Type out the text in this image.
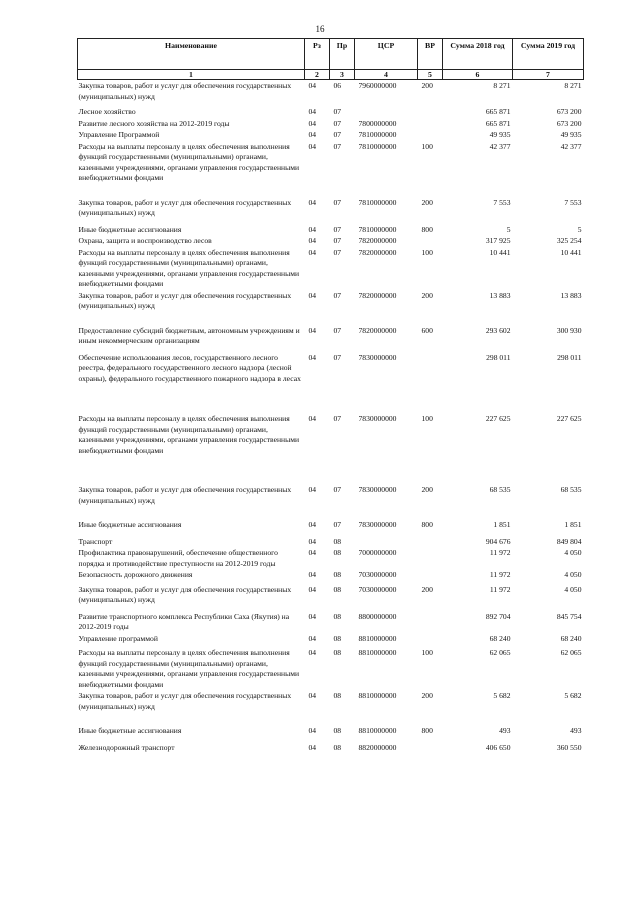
16
Наименование	Рз	Пр	ЦСР	ВР	Сумма 2018 год	Сумма 2019 год
1	2	3	4	5	6	7
Закупка товаров, работ и услуг для обеспечения государственных (муниципальных) нужд	04	06	7960000000	200	8 271	8 271
Лесное хозяйство	04	07			665 871	673 200
Развитие лесного хозяйства на 2012-2019 годы	04	07	7800000000		665 871	673 200
Управление Программой	04	07	7810000000		49 935	49 935
Расходы на выплаты персоналу в целях обеспечения выполнения функций государственными (муниципальными) органами, казенными учреждениями, органами управления государственными внебюджетными фондами	04	07	7810000000	100	42 377	42 377
Закупка товаров, работ и услуг для обеспечения государственных (муниципальных) нужд	04	07	7810000000	200	7 553	7 553
Иные бюджетные ассигнования	04	07	7810000000	800	5	5
Охрана, защита и воспроизводство лесов	04	07	7820000000		317 925	325 254
Расходы на выплаты персоналу в целях обеспечения выполнения функций государственными (муниципальными) органами, казенными учреждениями, органами управления государственными внебюджетными фондами	04	07	7820000000	100	10 441	10 441
Закупка товаров, работ и услуг для обеспечения государственных (муниципальных) нужд	04	07	7820000000	200	13 883	13 883
Предоставление субсидий бюджетным, автономным учреждениям и иным некоммерческим организациям	04	07	7820000000	600	293 602	300 930
Обеспечение использования лесов, государственного лесного реестра, федерального государственного лесного надзора (лесной охраны), федерального государственного пожарного надзора в лесах	04	07	7830000000		298 011	298 011
Расходы на выплаты персоналу в целях обеспечения выполнения функций государственными (муниципальными) органами, казенными учреждениями, органами управления государственными внебюджетными фондами	04	07	7830000000	100	227 625	227 625
Закупка товаров, работ и услуг для обеспечения государственных (муниципальных) нужд	04	07	7830000000	200	68 535	68 535
Иные бюджетные ассигнования	04	07	7830000000	800	1 851	1 851
Транспорт	04	08			904 676	849 804
Профилактика правонарушений, обеспечение общественного порядка и противодействие преступности на 2012-2019 годы	04	08	7000000000		11 972	4 050
Безопасность дорожного движения	04	08	7030000000		11 972	4 050
Закупка товаров, работ и услуг для обеспечения государственных (муниципальных) нужд	04	08	7030000000	200	11 972	4 050
Развитие транспортного комплекса Республики Саха (Якутия) на 2012-2019 годы	04	08	8800000000		892 704	845 754
Управление программой	04	08	8810000000		68 240	68 240
Расходы на выплаты персоналу в целях обеспечения выполнения функций государственными (муниципальными) органами, казенными учреждениями, органами управления государственными внебюджетными фондами	04	08	8810000000	100	62 065	62 065
Закупка товаров, работ и услуг для обеспечения государственных (муниципальных) нужд	04	08	8810000000	200	5 682	5 682
Иные бюджетные ассигнования	04	08	8810000000	800	493	493
Железнодорожный транспорт	04	08	8820000000		406 650	360 550
